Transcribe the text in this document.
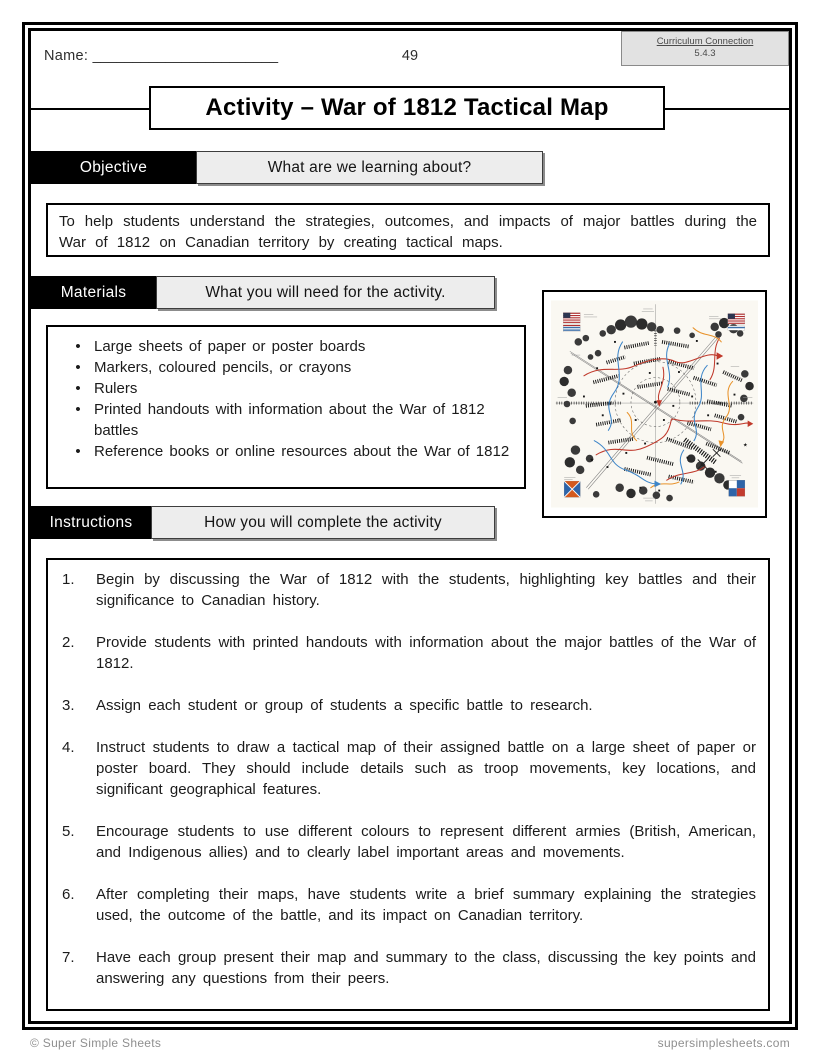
Name: _______________________	49
Curriculum Connection
5.4.3
Activity – War of 1812 Tactical Map
Objective	What are we learning about?
To help students understand the strategies, outcomes, and impacts of major battles during the War of 1812 on Canadian territory by creating tactical maps.
Materials	What you will need for the activity.
• Large sheets of paper or poster boards
• Markers, coloured pencils, or crayons
• Rulers
• Printed handouts with information about the War of 1812 battles
• Reference books or online resources about the War of 1812
★
★
Instructions	How you will complete the activity
1.	Begin by discussing the War of 1812 with the students, highlighting key battles and their significance to Canadian history.
2.	Provide students with printed handouts with information about the major battles of the War of 1812.
3.	Assign each student or group of students a specific battle to research.
4.	Instruct students to draw a tactical map of their assigned battle on a large sheet of paper or poster board. They should include details such as troop movements, key locations, and significant geographical features.
5.	Encourage students to use different colours to represent different armies (British, American, and Indigenous allies) and to clearly label important areas and movements.
6.	After completing their maps, have students write a brief summary explaining the strategies used, the outcome of the battle, and its impact on Canadian territory.
7.	Have each group present their map and summary to the class, discussing the key points and answering any questions from their peers.
© Super Simple Sheets	supersimplesheets.com
